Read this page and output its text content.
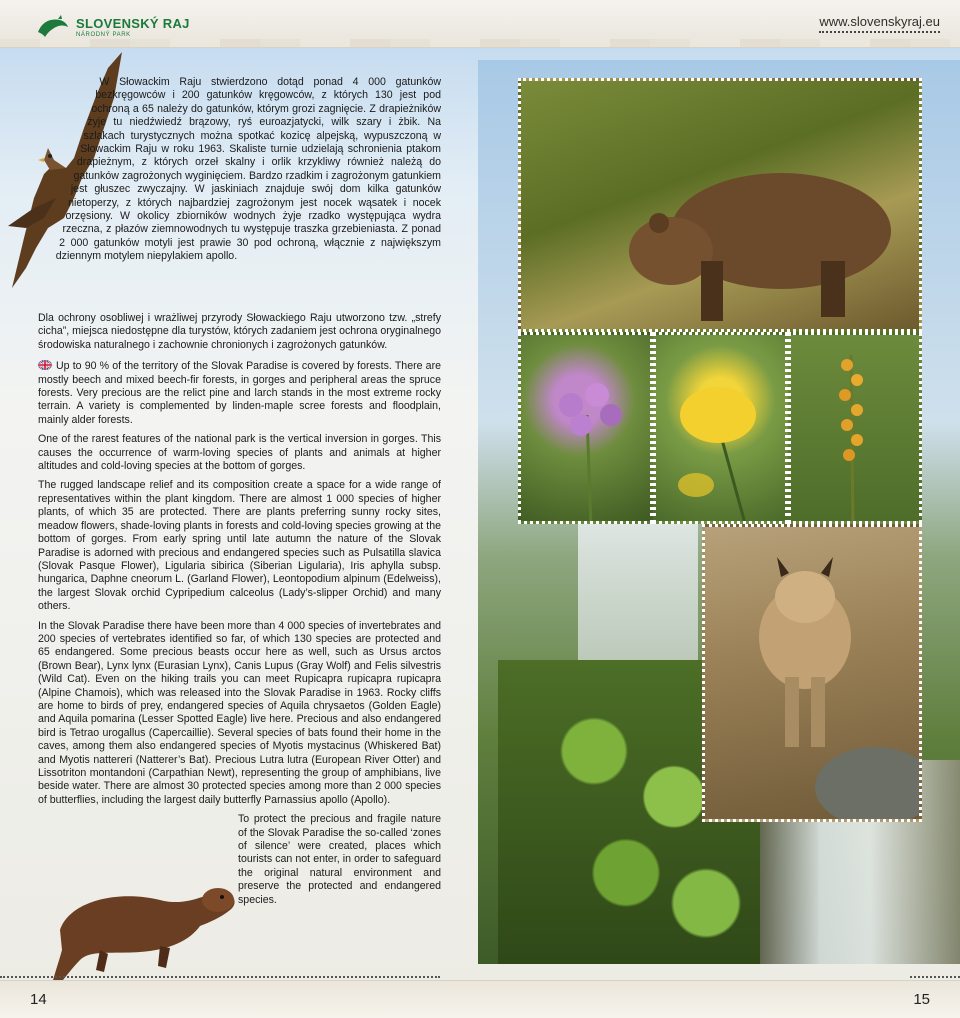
SLOVENSKÝ RAJ
NÁRODNÝ PARK
www.slovenskyraj.eu

W Słowackim Raju stwierdzono dotąd ponad 4 000 gatunków bezkręgowców i 200 gatunków kręgowców, z których 130 jest pod ochroną a 65 należy do gatunków, którym grozi zagnięcie. Z drapieżników żyje tu niedźwiedź brązowy, ryś euroazjatycki, wilk szary i żbik. Na szlakach turystycznych można spotkać kozicę alpejską, wypuszczoną w Słowackim Raju w roku 1963. Skaliste turnie udzielają schronienia ptakom drapieżnym, z których orzeł skalny i orlik krzykliwy również należą do gatunków zagrożonych wyginięciem. Bardzo rzadkim i zagrożonym gatunkiem jest głuszec zwyczajny. W jaskiniach znajduje swój dom kilka gatunków nietoperzy, z których najbardziej zagrożonym jest nocek wąsatek i nocek orzęsiony. W okolicy zbiorników wodnych żyje rzadko występująca wydra rzeczna, z płazów ziemnowodnych tu występuje traszka grzebieniasta. Z ponad 2 000 gatunków motyli jest prawie 30 pod ochroną, włącznie z największym dziennym motylem niepylakiem apollo.

Dla ochrony osobliwej i wrażliwej przyrody Słowackiego Raju utworzono tzw. „strefy cicha”, miejsca niedostępne dla turystów, których zadaniem jest ochrona oryginalnego środowiska naturalnego i zachownie chronionych i zagrożonych gatunków.

Up to 90 % of the territory of the Slovak Paradise is covered by forests. There are mostly beech and mixed beech-fir forests, in gorges and peripheral areas the spruce forests. Very precious are the relict pine and larch stands in the most extreme rocky terrain. A variety is complemented by linden-maple scree forests and floodplain, mainly alder forests.

One of the rarest features of the national park is the vertical inversion in gorges. This causes the occurrence of warm-loving species of plants and animals at higher altitudes and cold-loving species at the bottom of gorges.

The rugged landscape relief and its composition create a space for a wide range of representatives within the plant kingdom. There are almost 1 000 species of higher plants, of which 35 are protected. There are plants preferring sunny rocky sites, meadow flowers, shade-loving plants in forests and cold-loving species growing at the bottom of gorges. From early spring until late autumn the nature of the Slovak Paradise is adorned with precious and endangered species such as Pulsatilla slavica (Slovak Pasque Flower), Ligularia sibirica (Siberian Ligularia), Iris aphylla subsp. hungarica, Daphne cneorum L. (Garland Flower), Leontopodium alpinum (Edelweiss), the largest Slovak orchid Cypripedium calceolus (Lady’s-slipper Orchid) and many others.

In the Slovak Paradise there have been more than 4 000 species of invertebrates and 200 species of vertebrates identified so far, of which 130 species are protected and 65 endangered. Some precious beasts occur here as well, such as Ursus arctos (Brown Bear), Lynx lynx (Eurasian Lynx), Canis Lupus (Gray Wolf) and Felis silvestris (Wild Cat). Even on the hiking trails you can meet Rupicapra rupicapra rupicapra (Alpine Chamois), which was released into the Slovak Paradise in 1963. Rocky cliffs are home to birds of prey, endangered species of Aquila chrysaetos (Golden Eagle) and Aquila pomarina (Lesser Spotted Eagle) live here. Precious and also endangered bird is Tetrao urogallus (Capercaillie). Several species of bats found their home in the caves, among them also endangered species of Myotis mystacinus (Whiskered Bat) and Myotis nattereri (Natterer’s Bat). Precious Lutra lutra (European River Otter) and Lissotriton montandoni (Carpathian Newt), representing the group of amphibians, live beside water. There are almost 30 protected species among more than 2 000 species of butterflies, including the largest daily butterfly Parnassius apollo (Apollo).

To protect the precious and fragile nature of the Slovak Paradise the so-called ‘zones of silence’ were created, places which tourists can not enter, in order to safeguard the original natural environment and preserve the protected and endangered species.

14	15
